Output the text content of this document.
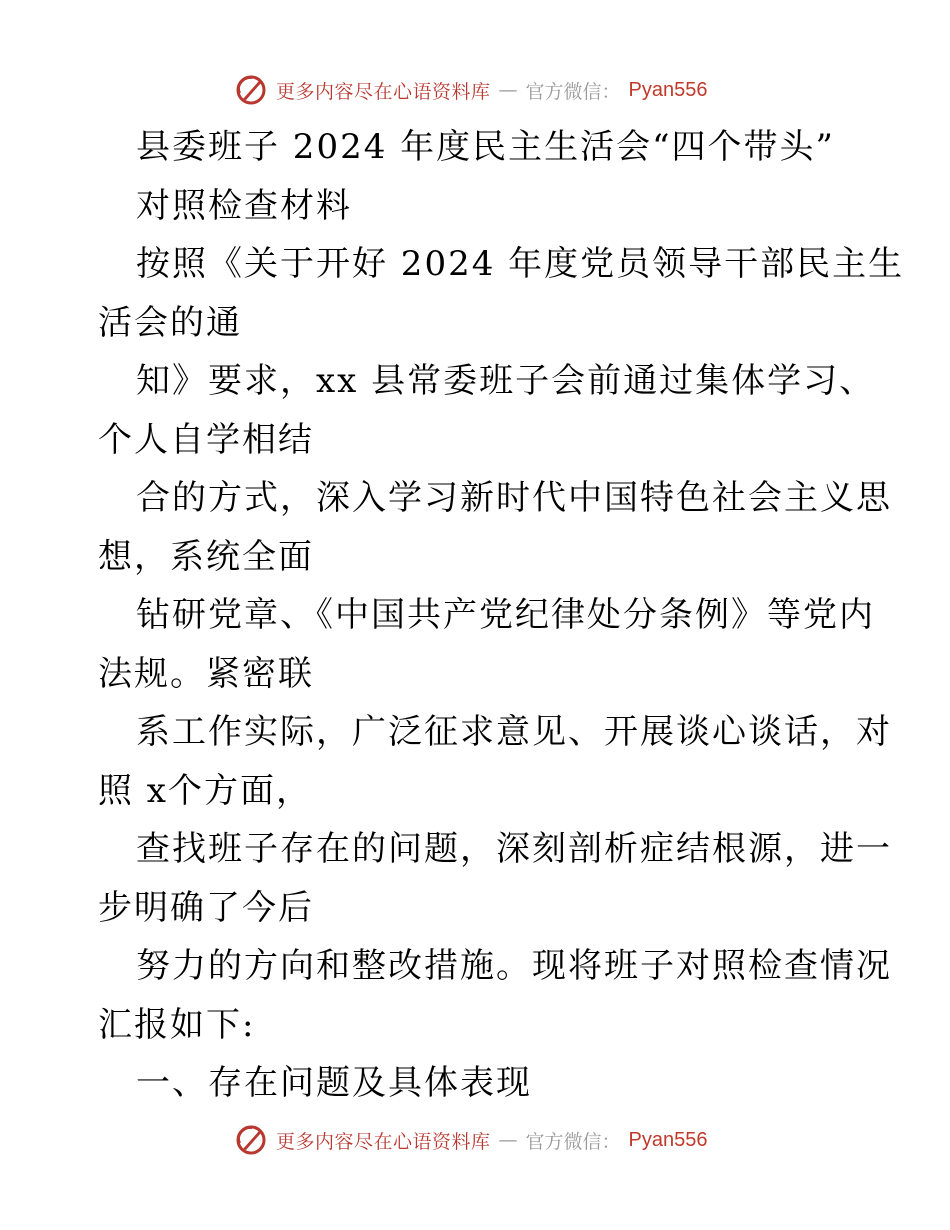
更多内容尽在心语资料库 — 官方微信： Pyan556
县委班子 2024 年度民主生活会“四个带头”
对照检查材料
按照《关于开好 2024 年度党员领导干部民主生
活会的通
知》要求，xx 县常委班子会前通过集体学习、
个人自学相结
合的方式，深入学习新时代中国特色社会主义思
想，系统全面
钻研党章、《中国共产党纪律处分条例》等党内
法规。紧密联
系工作实际，广泛征求意见、开展谈心谈话，对
照 x个方面，
查找班子存在的问题，深刻剖析症结根源，进一
步明确了今后
努力的方向和整改措施。现将班子对照检查情况
汇报如下:
一、存在问题及具体表现
更多内容尽在心语资料库 — 官方微信： Pyan556
